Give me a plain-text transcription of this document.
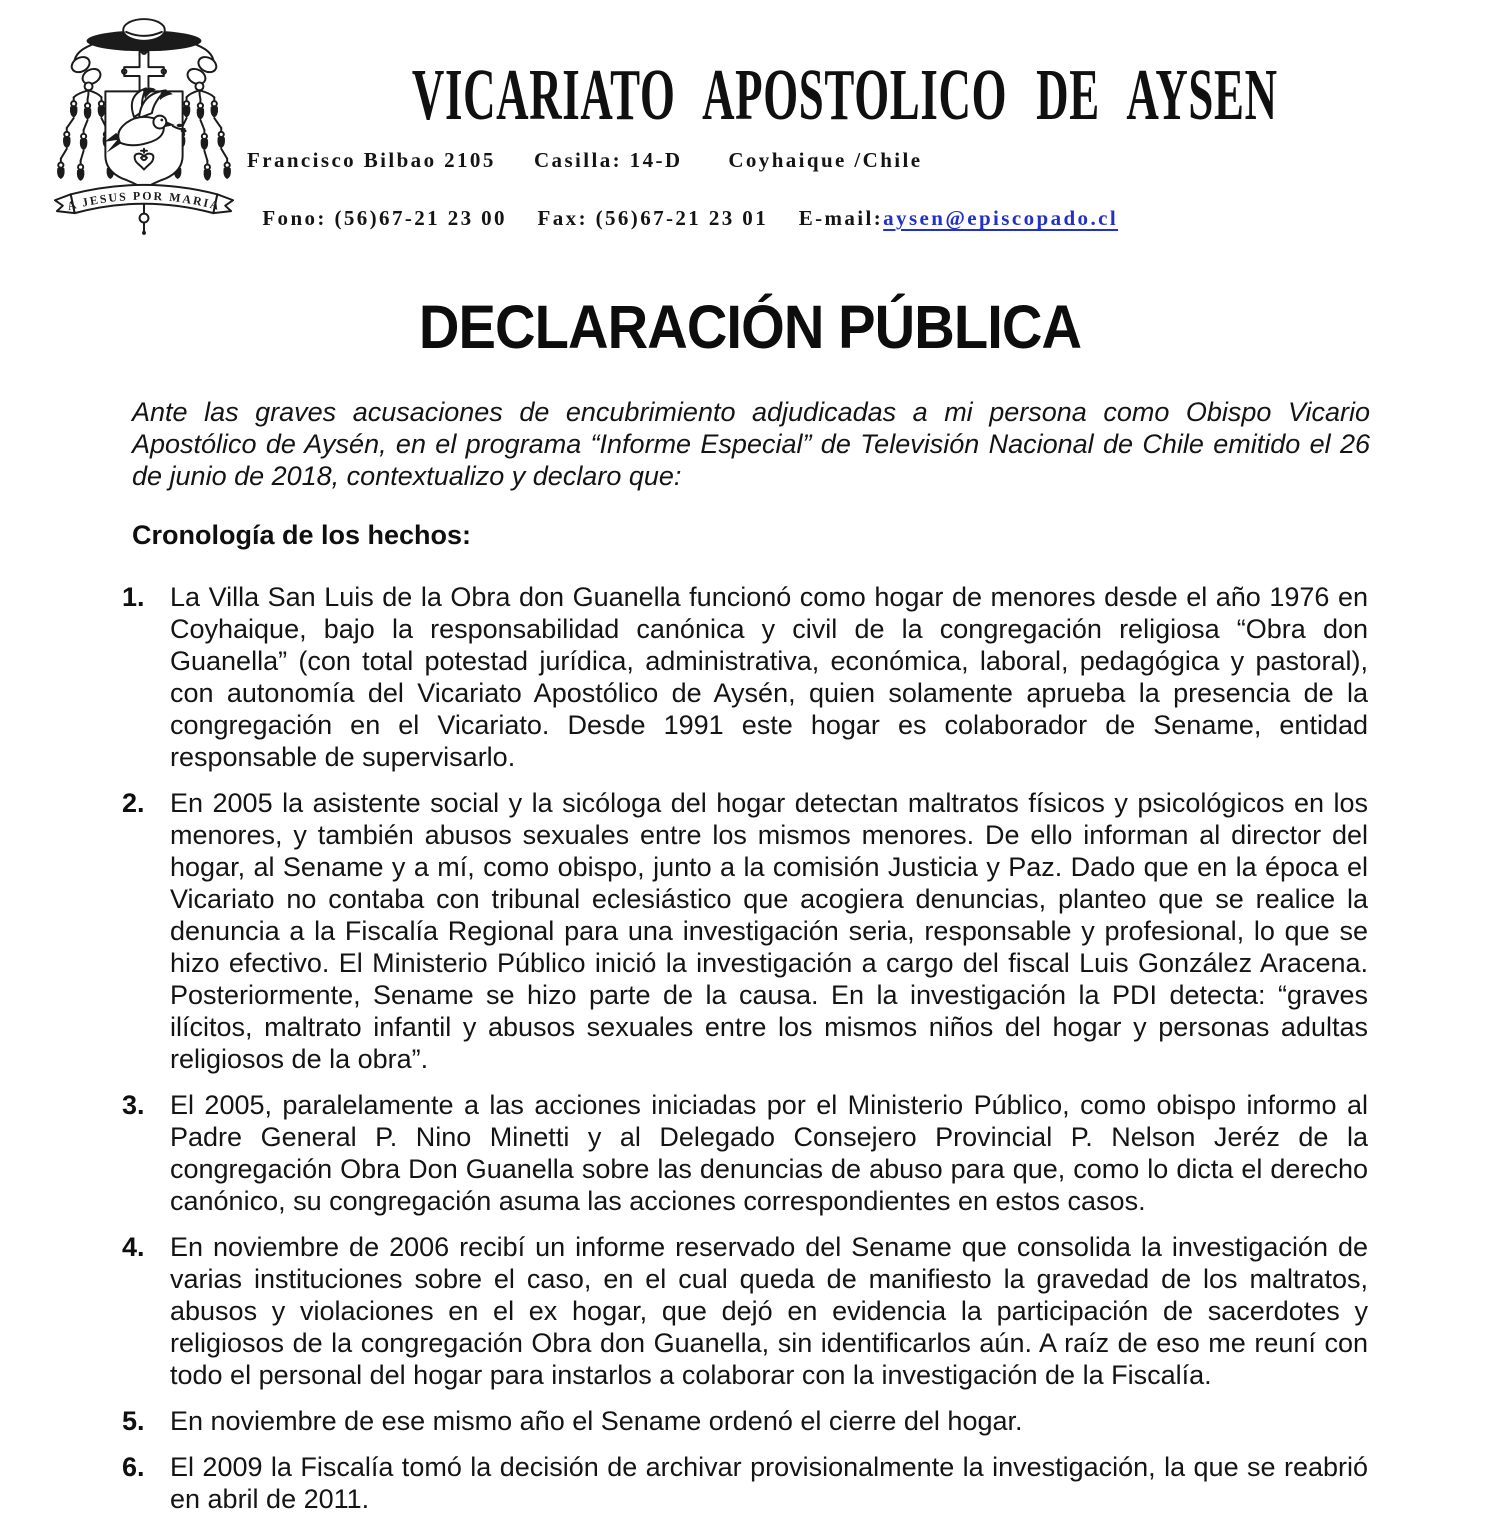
A JESUS POR MARIA
VICARIATO APOSTOLICO DE AYSEN
Francisco Bilbao 2105     Casilla: 14-D      Coyhaique /Chile

Fono: (56)67-21 23 00    Fax: (56)67-21 23 01    E-mail:aysen@episcopado.cl

DECLARACIÓN PÚBLICA
Ante las graves acusaciones de encubrimiento adjudicadas a mi persona como Obispo Vicario Apostólico de Aysén, en el programa “Informe Especial” de Televisión Nacional de Chile emitido el 26 de junio de 2018, contextualizo y declaro que:
Cronología de los hechos:
1. La Villa San Luis de la Obra don Guanella funcionó como hogar de menores desde el año 1976 en Coyhaique, bajo la responsabilidad canónica y civil de la congregación religiosa “Obra don Guanella” (con total potestad jurídica, administrativa, económica, laboral, pedagógica y pastoral), con autonomía del Vicariato Apostólico de Aysén, quien solamente aprueba la presencia de la congregación en el Vicariato. Desde 1991 este hogar es colaborador de Sename, entidad responsable de supervisarlo.
2. En 2005 la asistente social y la sicóloga del hogar detectan maltratos físicos y psicológicos en los menores, y también abusos sexuales entre los mismos menores. De ello informan al director del hogar, al Sename y a mí, como obispo, junto a la comisión Justicia y Paz. Dado que en la época el Vicariato no contaba con tribunal eclesiástico que acogiera denuncias, planteo que se realice la denuncia a la Fiscalía Regional para una investigación seria, responsable y profesional, lo que se hizo efectivo. El Ministerio Público inició la investigación a cargo del fiscal Luis González Aracena. Posteriormente, Sename se hizo parte de la causa. En la investigación la PDI detecta: “graves ilícitos, maltrato infantil y abusos sexuales entre los mismos niños del hogar y personas adultas religiosos de la obra”.
3. El 2005, paralelamente a las acciones iniciadas por el Ministerio Público, como obispo informo al Padre General P. Nino Minetti y al Delegado Consejero Provincial P. Nelson Jeréz de la congregación Obra Don Guanella sobre las denuncias de abuso para que, como lo dicta el derecho canónico, su congregación asuma las acciones correspondientes en estos casos.
4. En noviembre de 2006 recibí un informe reservado del Sename que consolida la investigación de varias instituciones sobre el caso, en el cual queda de manifiesto la gravedad de los maltratos, abusos y violaciones en el ex hogar, que dejó en evidencia la participación de sacerdotes y religiosos de la congregación Obra don Guanella, sin identificarlos aún. A raíz de eso me reuní con todo el personal del hogar para instarlos a colaborar con la investigación de la Fiscalía.
5. En noviembre de ese mismo año el Sename ordenó el cierre del hogar.
6. El 2009 la Fiscalía tomó la decisión de archivar provisionalmente la investigación, la que se reabrió en abril de 2011.
